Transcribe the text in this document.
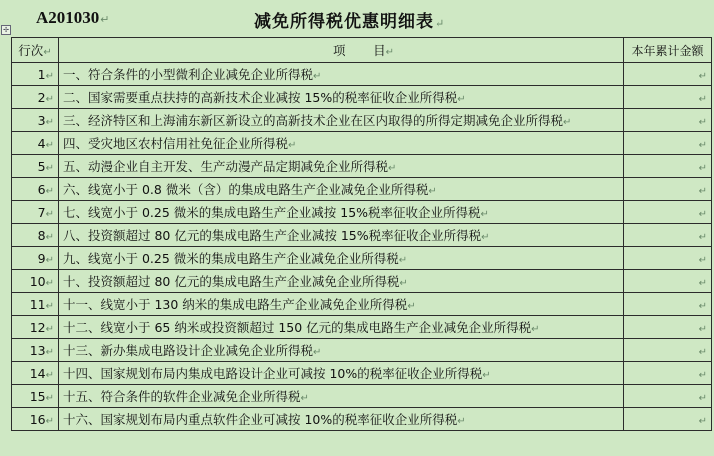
A201030↵	减免所得税优惠明细表↵
✢
行次↵	项 目↵	本年累计金额
1↵	一、符合条件的小型微利企业减免企业所得税↵	↵
2↵	二、国家需要重点扶持的高新技术企业减按 15%的税率征收企业所得税↵	↵
3↵	三、经济特区和上海浦东新区新设立的高新技术企业在区内取得的所得定期减免企业所得税↵	↵
4↵	四、受灾地区农村信用社免征企业所得税↵	↵
5↵	五、动漫企业自主开发、生产动漫产品定期减免企业所得税↵	↵
6↵	六、线宽小于 0.8 微米（含）的集成电路生产企业减免企业所得税↵	↵
7↵	七、线宽小于 0.25 微米的集成电路生产企业减按 15%税率征收企业所得税↵	↵
8↵	八、投资额超过 80 亿元的集成电路生产企业减按 15%税率征收企业所得税↵	↵
9↵	九、线宽小于 0.25 微米的集成电路生产企业减免企业所得税↵	↵
10↵	十、投资额超过 80 亿元的集成电路生产企业减免企业所得税↵	↵
11↵	十一、线宽小于 130 纳米的集成电路生产企业减免企业所得税↵	↵
12↵	十二、线宽小于 65 纳米或投资额超过 150 亿元的集成电路生产企业减免企业所得税↵	↵
13↵	十三、新办集成电路设计企业减免企业所得税↵	↵
14↵	十四、国家规划布局内集成电路设计企业可减按 10%的税率征收企业所得税↵	↵
15↵	十五、符合条件的软件企业减免企业所得税↵	↵
16↵	十六、国家规划布局内重点软件企业可减按 10%的税率征收企业所得税↵	↵
